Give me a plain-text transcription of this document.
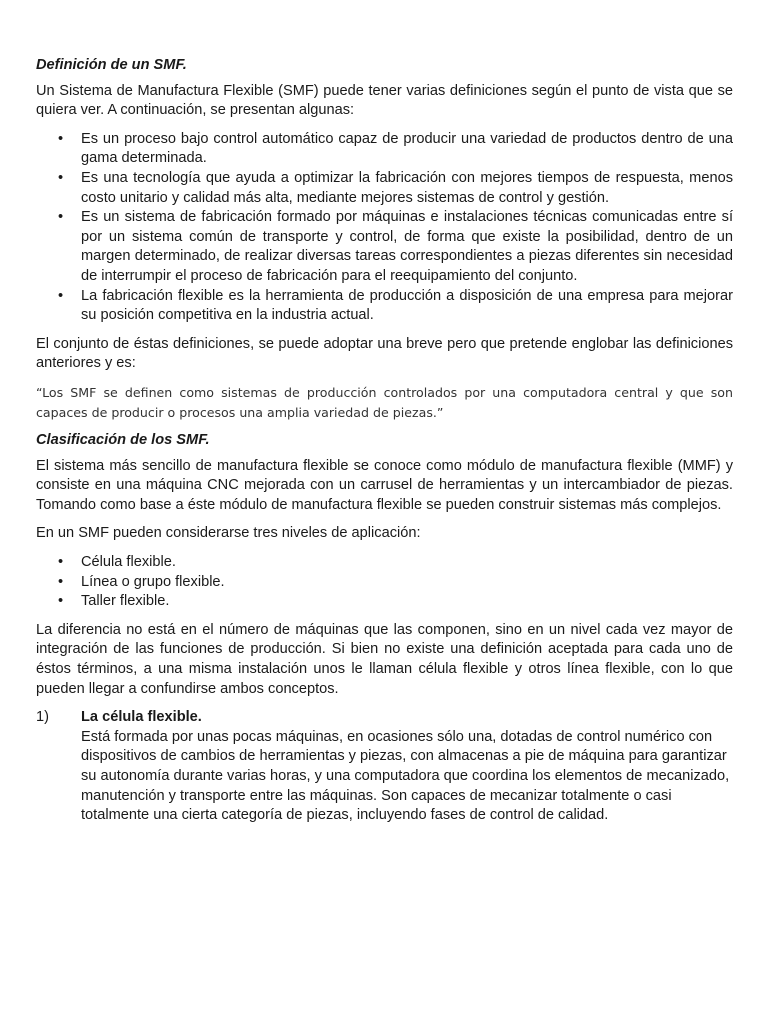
Definición de un SMF.

Un Sistema de Manufactura Flexible (SMF) puede tener varias definiciones según el punto de vista que se quiera ver. A continuación, se presentan algunas:

• Es un proceso bajo control automático capaz de producir una variedad de productos dentro de una gama determinada.
• Es una tecnología que ayuda a optimizar la fabricación con mejores tiempos de respuesta, menos costo unitario y calidad más alta, mediante mejores sistemas de control y gestión.
• Es un sistema de fabricación formado por máquinas e instalaciones técnicas comunicadas entre sí por un sistema común de transporte y control, de forma que existe la posibilidad, dentro de un margen determinado, de realizar diversas tareas correspondientes a piezas diferentes sin necesidad de interrumpir el proceso de fabricación para el reequipamiento del conjunto.
• La fabricación flexible es la herramienta de producción a disposición de una empresa para mejorar su posición competitiva en la industria actual.

El conjunto de éstas definiciones, se puede adoptar una breve pero que pretende englobar las definiciones anteriores y es:

“Los SMF se definen como sistemas de producción controlados por una computadora central y que son capaces de producir o procesos una amplia variedad de piezas.”

Clasificación de los SMF.

El sistema más sencillo de manufactura flexible se conoce como módulo de manufactura flexible (MMF) y consiste en una máquina CNC mejorada con un carrusel de herramientas y un intercambiador de piezas. Tomando como base a éste módulo de manufactura flexible se pueden construir sistemas más complejos.

En un SMF pueden considerarse tres niveles de aplicación:

• Célula flexible.
• Línea o grupo flexible.
• Taller flexible.

La diferencia no está en el número de máquinas que las componen, sino en un nivel cada vez mayor de integración de las funciones de producción. Si bien no existe una definición aceptada para cada uno de éstos términos, a una misma instalación unos le llaman célula flexible y otros línea flexible, con lo que pueden llegar a confundirse ambos conceptos.

1) La célula flexible.
Está formada por unas pocas máquinas, en ocasiones sólo una, dotadas de control numérico con dispositivos de cambios de herramientas y piezas, con almacenas a pie de máquina para garantizar su autonomía durante varias horas, y una computadora que coordina los elementos de mecanizado, manutención y transporte entre las máquinas. Son capaces de mecanizar totalmente o casi totalmente una cierta categoría de piezas, incluyendo fases de control de calidad.
